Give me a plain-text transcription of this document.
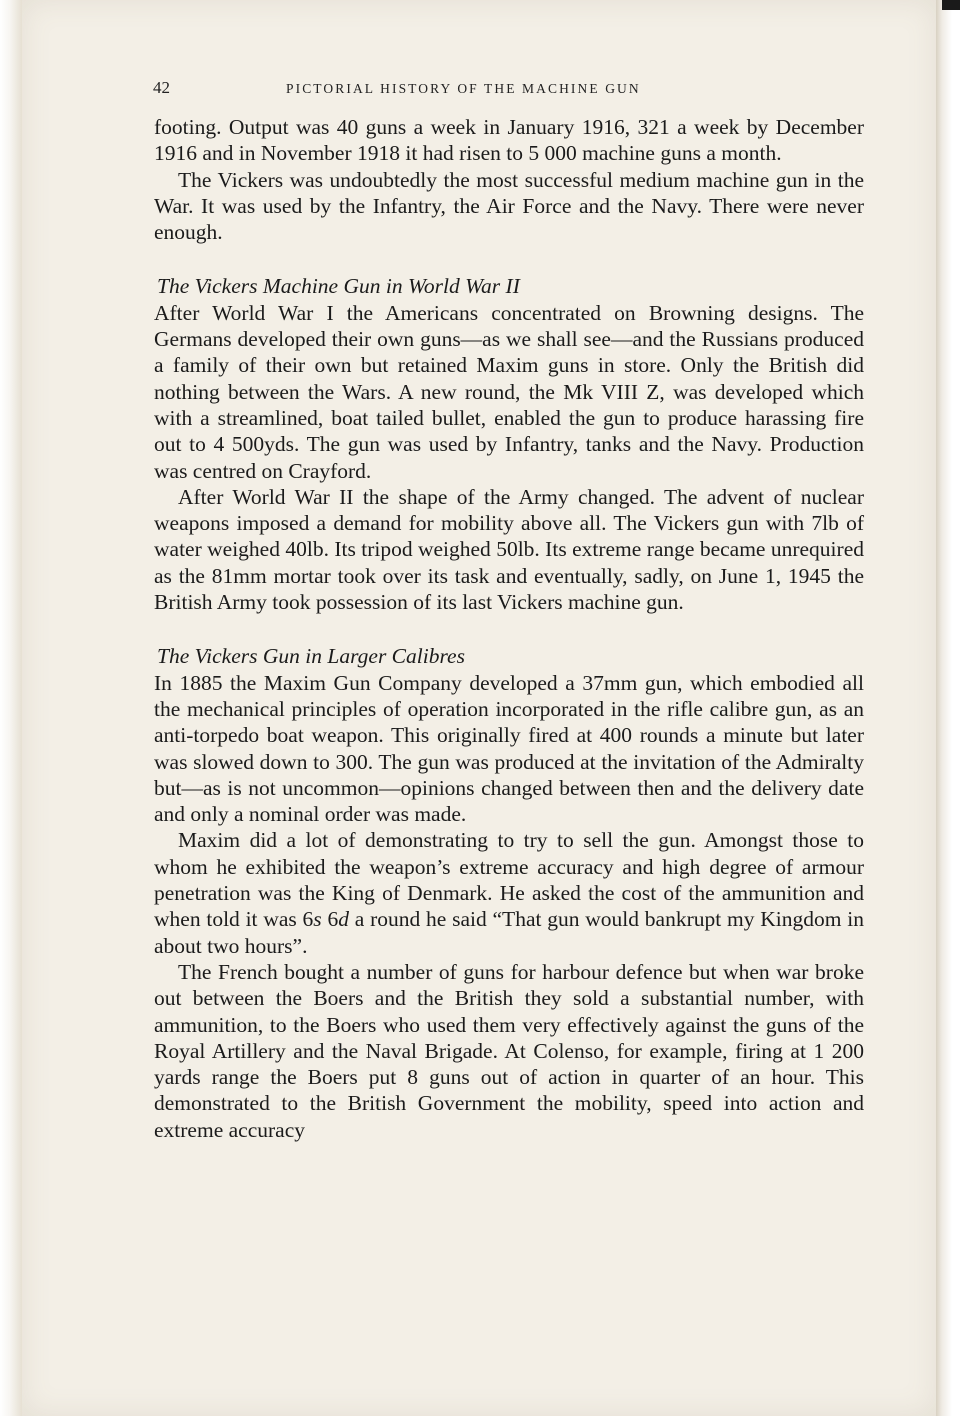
42	PICTORIAL HISTORY OF THE MACHINE GUN

footing. Output was 40 guns a week in January 1916, 321 a week by December 1916 and in November 1918 it had risen to 5 000 machine guns a month.

The Vickers was undoubtedly the most successful medium machine gun in the War. It was used by the Infantry, the Air Force and the Navy. There were never enough.

The Vickers Machine Gun in World War II

After World War I the Americans concentrated on Browning designs. The Germans developed their own guns—as we shall see—and the Russians produced a family of their own but retained Maxim guns in store. Only the British did nothing between the Wars. A new round, the Mk VIII Z, was developed which with a streamlined, boat tailed bullet, enabled the gun to produce harassing fire out to 4 500yds. The gun was used by Infantry, tanks and the Navy. Production was centred on Crayford.

After World War II the shape of the Army changed. The advent of nuclear weapons imposed a demand for mobility above all. The Vickers gun with 7lb of water weighed 40lb. Its tripod weighed 50lb. Its extreme range became unrequired as the 81mm mortar took over its task and eventually, sadly, on June 1, 1945 the British Army took possession of its last Vickers machine gun.

The Vickers Gun in Larger Calibres

In 1885 the Maxim Gun Company developed a 37mm gun, which embodied all the mechanical principles of operation incorporated in the rifle calibre gun, as an anti-torpedo boat weapon. This originally fired at 400 rounds a minute but later was slowed down to 300. The gun was produced at the invitation of the Admiralty but—as is not uncommon—opinions changed between then and the delivery date and only a nominal order was made.

Maxim did a lot of demonstrating to try to sell the gun. Amongst those to whom he exhibited the weapon’s extreme accuracy and high degree of armour penetration was the King of Denmark. He asked the cost of the ammunition and when told it was 6s 6d a round he said “That gun would bankrupt my Kingdom in about two hours”.

The French bought a number of guns for harbour defence but when war broke out between the Boers and the British they sold a substantial number, with ammunition, to the Boers who used them very effectively against the guns of the Royal Artillery and the Naval Brigade. At Colenso, for example, firing at 1 200 yards range the Boers put 8 guns out of action in quarter of an hour. This demonstrated to the British Government the mobility, speed into action and extreme accuracy
